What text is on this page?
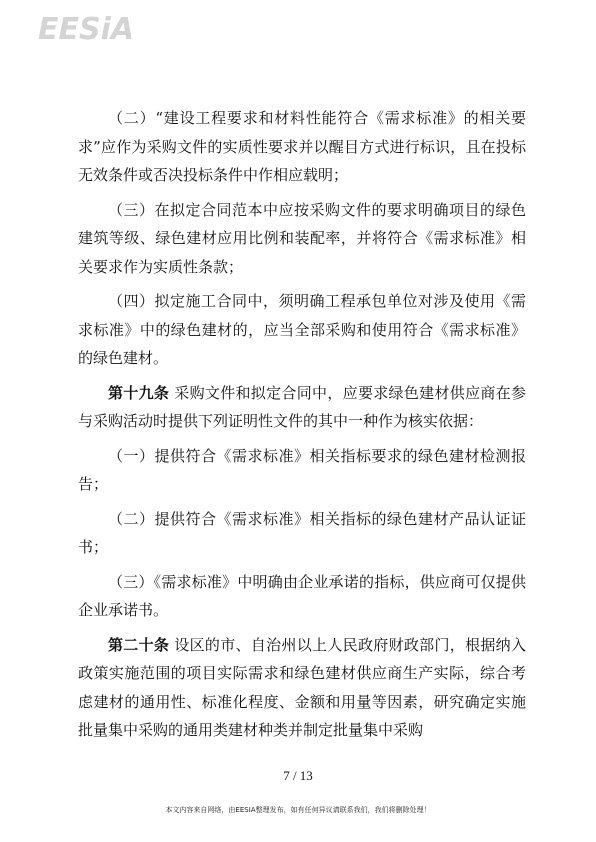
EESiA

（二）“建设工程要求和材料性能符合《需求标准》的相关要求”应作为采购文件的实质性要求并以醒目方式进行标识，且在投标无效条件或否决投标条件中作相应载明；

（三）在拟定合同范本中应按采购文件的要求明确项目的绿色建筑等级、绿色建材应用比例和装配率，并将符合《需求标准》相关要求作为实质性条款；

（四）拟定施工合同中，须明确工程承包单位对涉及使用《需求标准》中的绿色建材的，应当全部采购和使用符合《需求标准》的绿色建材。

第十九条 采购文件和拟定合同中，应要求绿色建材供应商在参与采购活动时提供下列证明性文件的其中一种作为核实依据：

（一）提供符合《需求标准》相关指标要求的绿色建材检测报告；

（二）提供符合《需求标准》相关指标的绿色建材产品认证证书；

（三）《需求标准》中明确由企业承诺的指标，供应商可仅提供企业承诺书。

第二十条 设区的市、自治州以上人民政府财政部门，根据纳入政策实施范围的项目实际需求和绿色建材供应商生产实际，综合考虑建材的通用性、标准化程度、金额和用量等因素，研究确定实施批量集中采购的通用类建材种类并制定批量集中采购

7 / 13
本文内容来自网络，由EESIA整理发布，如有任何异议请联系我们，我们将删除处理！
